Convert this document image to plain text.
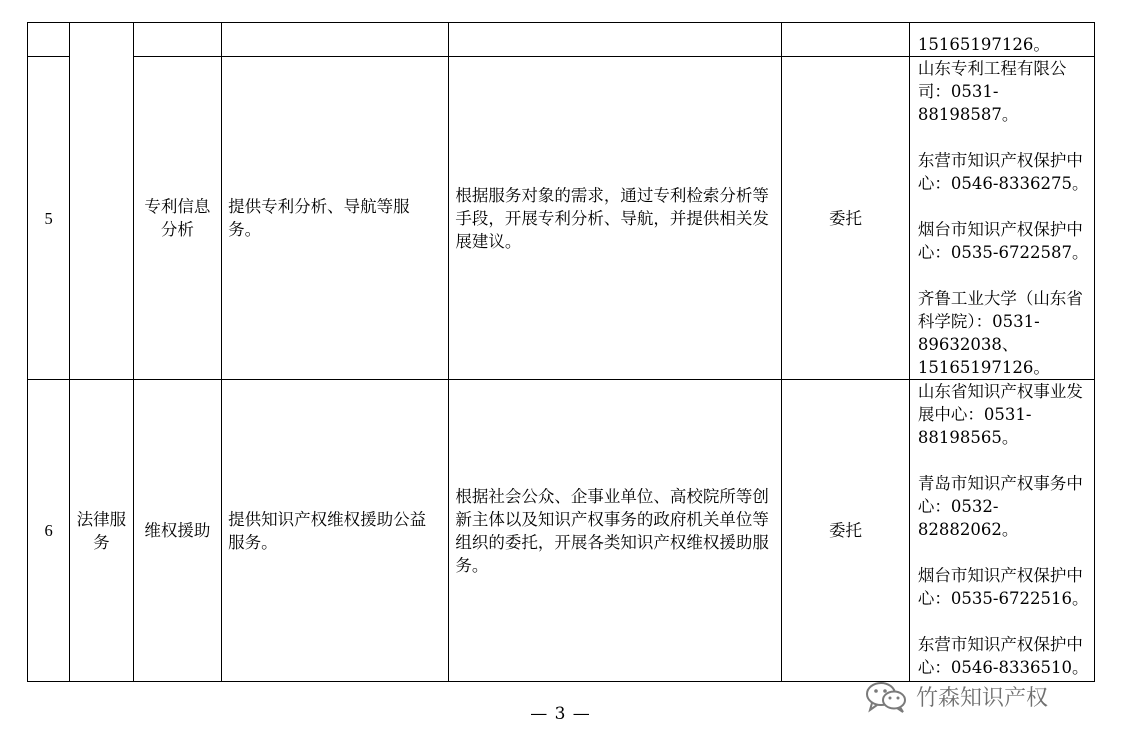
						15165197126。
5		专利信息分析	提供专利分析、导航等服务。	根据服务对象的需求，通过专利检索分析等手段，开展专利分析、导航，并提供相关发展建议。	委托	山东专利工程有限公司：0531-88198587。
东营市知识产权保护中心：0546-8336275。
烟台市知识产权保护中心：0535-6722587。
齐鲁工业大学（山东省科学院）：0531-89632038、15165197126。

6	法律服务	维权援助	提供知识产权维权援助公益服务。	根据社会公众、企事业单位、高校院所等创新主体以及知识产权事务的政府机关单位等组织的委托，开展各类知识产权维权援助服务。	委托	山东省知识产权事业发展中心：0531-88198565。
青岛市知识产权事务中心：0532-82882062。
烟台市知识产权保护中心：0535-6722516。
东营市知识产权保护中心：0546-8336510。
竹森知识产权
— 3 —
